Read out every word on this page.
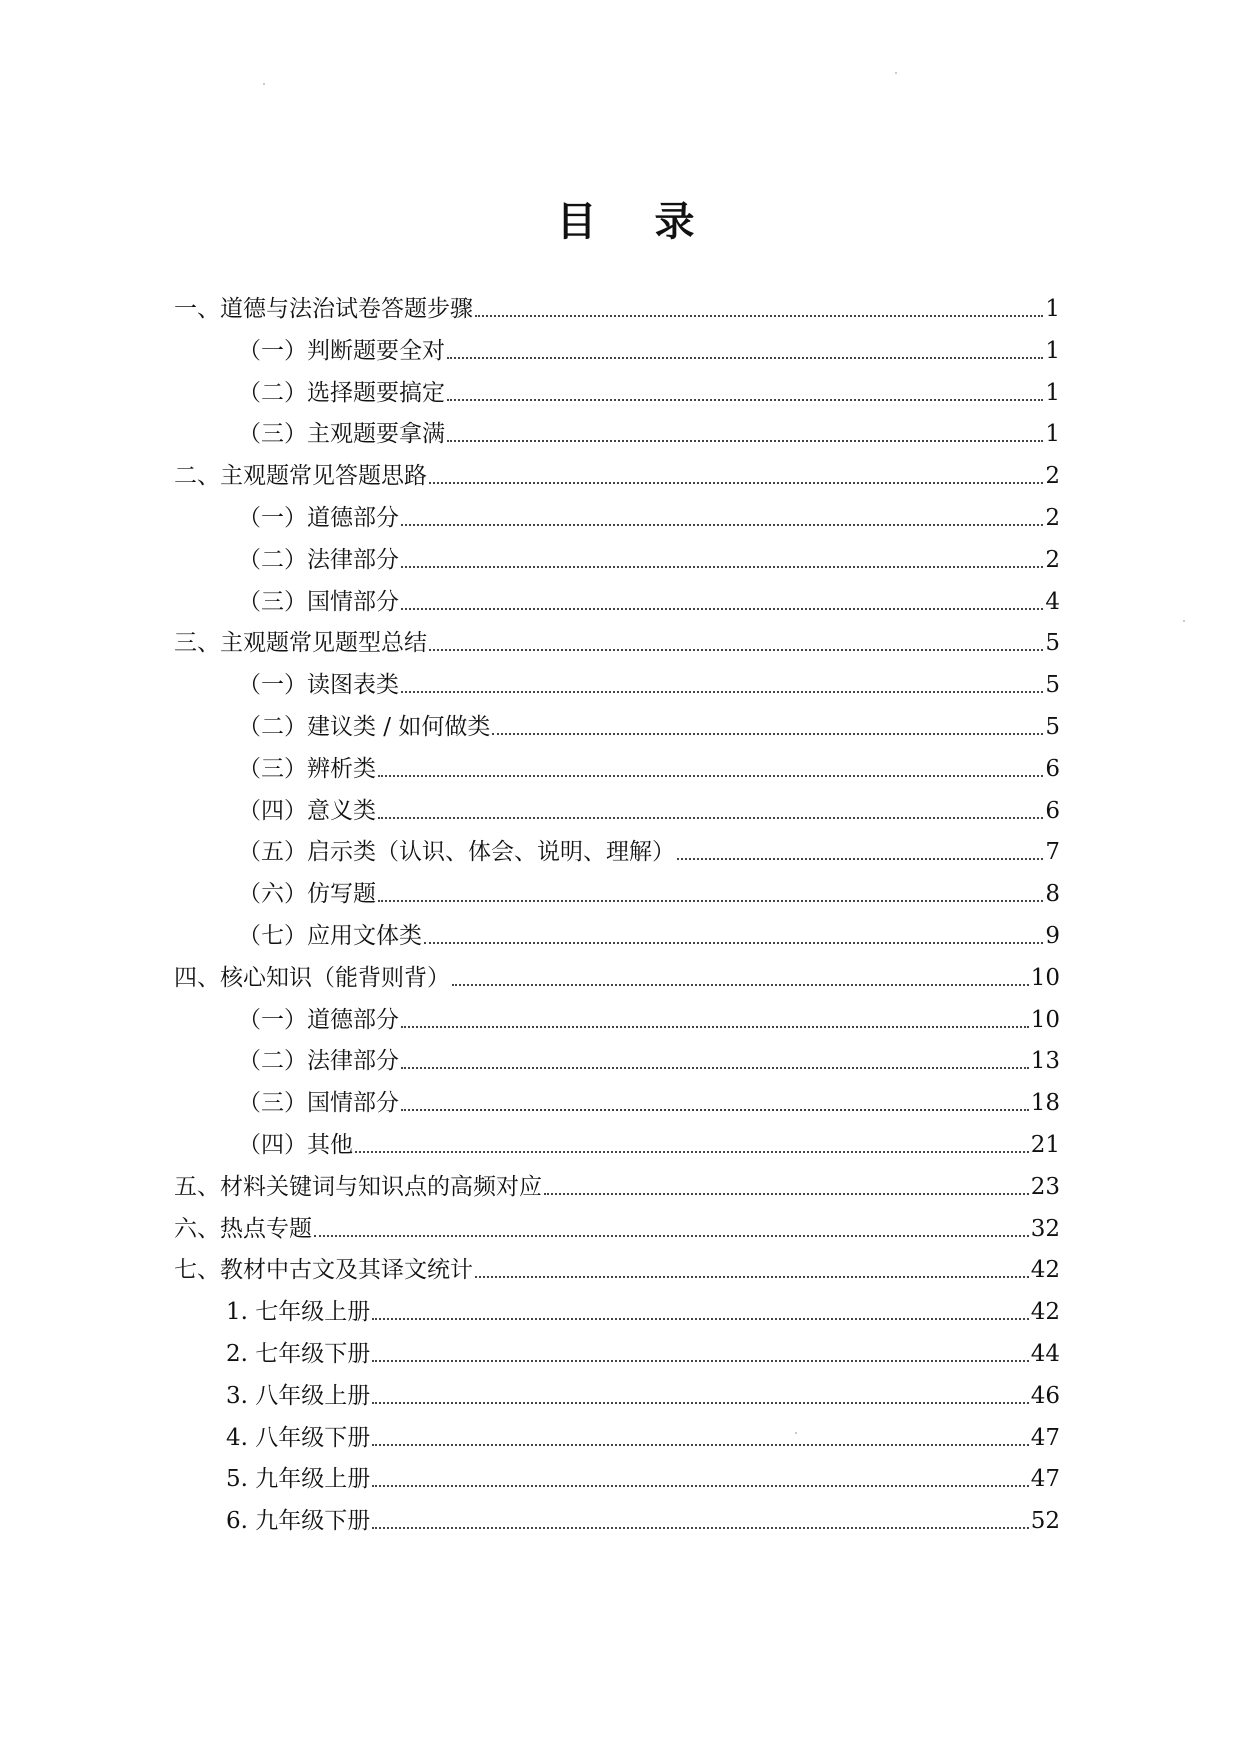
目 录
一、道德与法治试卷答题步骤	1
（一）判断题要全对	1
（二）选择题要搞定	1
（三）主观题要拿满	1
二、主观题常见答题思路	2
（一）道德部分	2
（二）法律部分	2
（三）国情部分	4
三、主观题常见题型总结	5
（一）读图表类	5
（二）建议类 / 如何做类	5
（三）辨析类	6
（四）意义类	6
（五）启示类（认识、体会、说明、理解）	7
（六）仿写题	8
（七）应用文体类	9
四、核心知识（能背则背）	10
（一）道德部分	10
（二）法律部分	13
（三）国情部分	18
（四）其他	21
五、材料关键词与知识点的高频对应	23
六、热点专题	32
七、教材中古文及其译文统计	42
1. 七年级上册	42
2. 七年级下册	44
3. 八年级上册	46
4. 八年级下册	47
5. 九年级上册	47
6. 九年级下册	52
